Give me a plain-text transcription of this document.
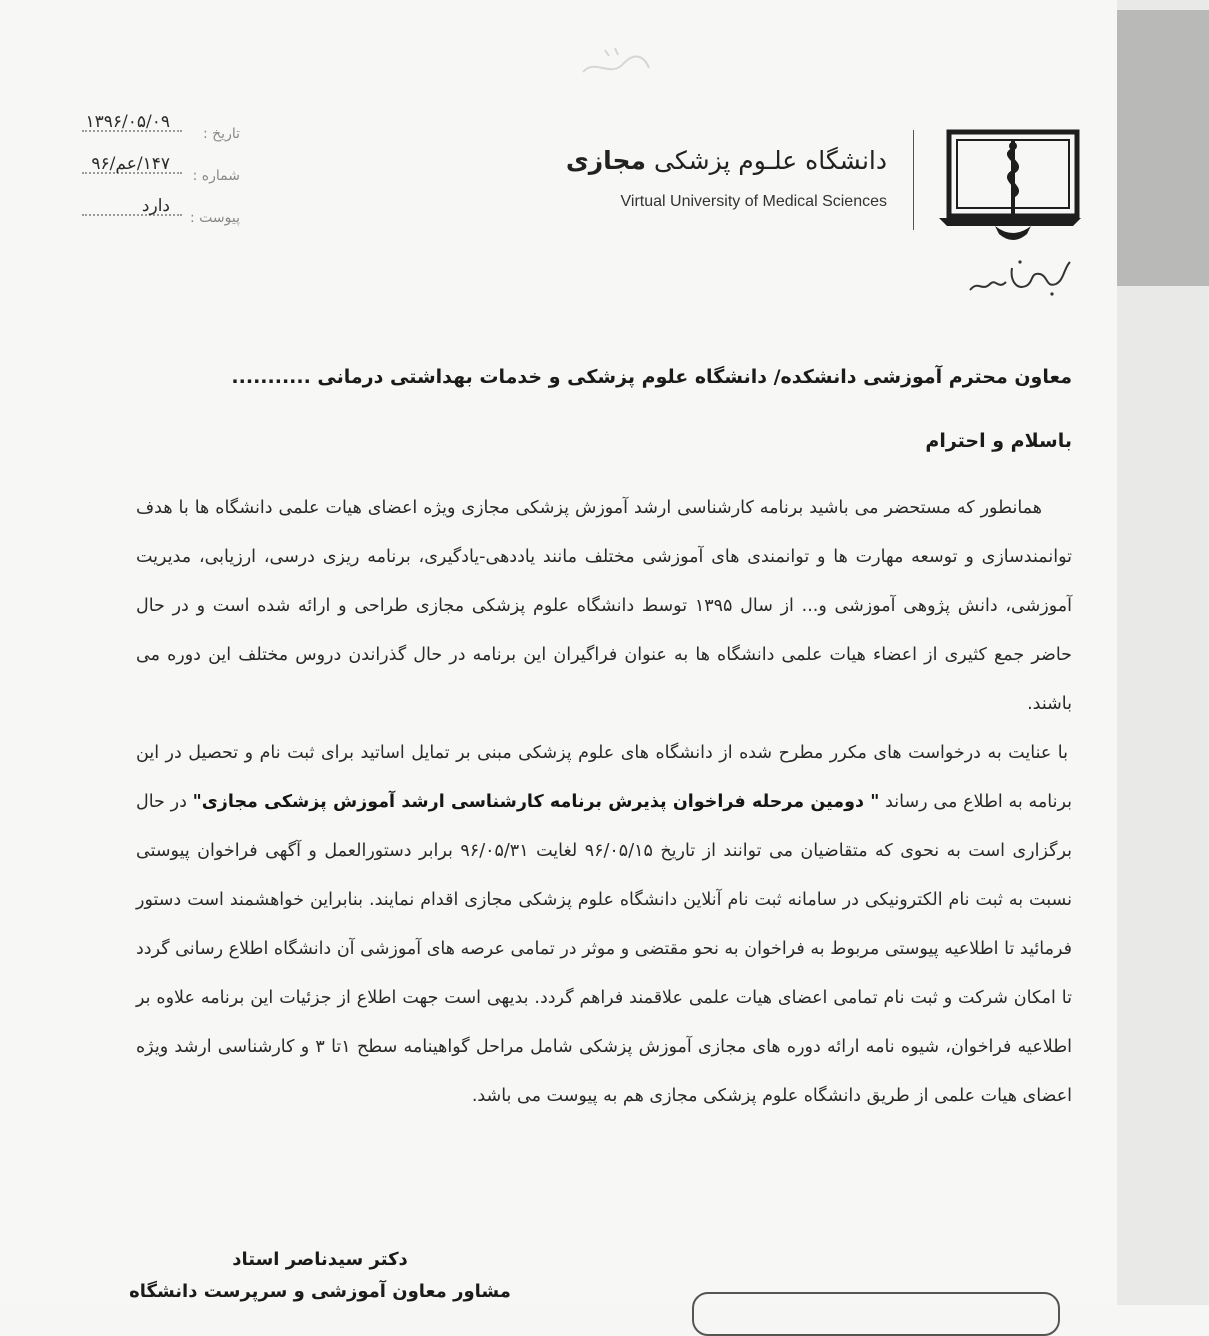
تاریخ :
۱۳۹۶/۰۵/۰۹
شماره :
۱۴۷/عم/۹۶
پیوست :
دارد
دانشگاه علـوم پزشکی مجازی
Virtual University of Medical Sciences
معاون محترم آموزشی دانشکده/ دانشگاه علوم پزشکی و خدمات بهداشتی درمانی ...........
باسلام و احترام

همانطور که مستحضر می باشید برنامه کارشناسی ارشد آموزش پزشکی مجازی ویژه اعضای هیات علمی دانشگاه ها با هدف توانمندسازی و توسعه مهارت ها و توانمندی های آموزشی مختلف مانند یاددهی-یادگیری، برنامه ریزی درسی، ارزیابی، مدیریت آموزشی، دانش پژوهی آموزشی و... از سال ۱۳۹۵ توسط دانشگاه علوم پزشکی مجازی طراحی و ارائه شده است و در حال حاضر جمع کثیری از اعضاء هیات علمی دانشگاه ها به عنوان فراگیران این برنامه در حال گذراندن دروس مختلف این دوره می باشند.

با عنایت به درخواست های مکرر مطرح شده از دانشگاه های علوم پزشکی مبنی بر تمایل اساتید برای ثبت نام و تحصیل در این برنامه به اطلاع می رساند " دومین مرحله فراخوان پذیرش برنامه کارشناسی ارشد آموزش پزشکی مجازی" در حال برگزاری است به نحوی که متقاضیان می توانند از تاریخ ۹۶/۰۵/۱۵ لغایت ۹۶/۰۵/۳۱ برابر دستورالعمل و آگهی فراخوان پیوستی نسبت به ثبت نام الکترونیکی در سامانه ثبت نام آنلاین دانشگاه علوم پزشکی مجازی اقدام نمایند. بنابراین خواهشمند است دستور فرمائید تا اطلاعیه پیوستی مربوط به فراخوان به نحو مقتضی و موثر در تمامی عرصه های آموزشی آن دانشگاه اطلاع رسانی گردد تا امکان شرکت و ثبت نام تمامی اعضای هیات علمی علاقمند فراهم گردد. بدیهی است جهت اطلاع از جزئیات این برنامه علاوه بر اطلاعیه فراخوان، شیوه نامه ارائه دوره های مجازی آموزش پزشکی شامل مراحل گواهینامه سطح ۱تا ۳ و کارشناسی ارشد ویژه اعضای هیات علمی از طریق دانشگاه علوم پزشکی مجازی هم به پیوست می باشد.

دکتر سیدناصر استاد
مشاور معاون آموزشی و سرپرست دانشگاه
